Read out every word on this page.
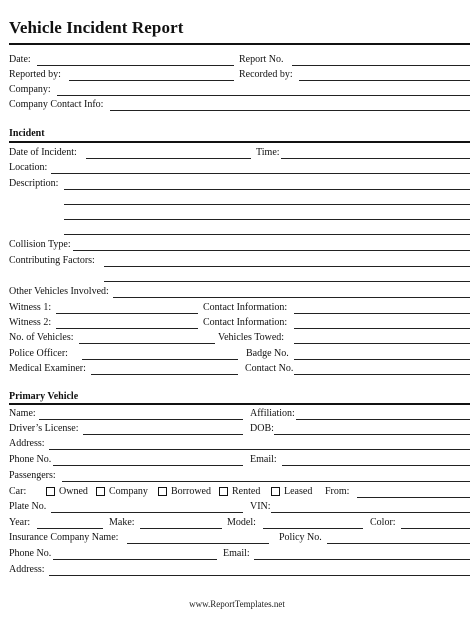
Vehicle Incident Report
Date:	Report No.
Reported by:	Recorded by:
Company:
Company Contact Info:
Incident
Date of Incident:	Time:
Location:
Description:
Collision Type:
Contributing Factors:
Other Vehicles Involved:
Witness 1:	Contact Information:
Witness 2:	Contact Information:
No. of Vehicles:	Vehicles Towed:
Police Officer:	Badge No.
Medical Examiner:	Contact No.
Primary Vehicle
Name:	Affiliation:
Driver’s License:	DOB:
Address:
Phone No.	Email:
Passengers:
Car:	Owned Company Borrowed Rented Leased From:
Plate No.	VIN:
Year:	Make:	Model:	Color:
Insurance Company Name:	Policy No.
Phone No.	Email:
Address:
www.ReportTemplates.net
